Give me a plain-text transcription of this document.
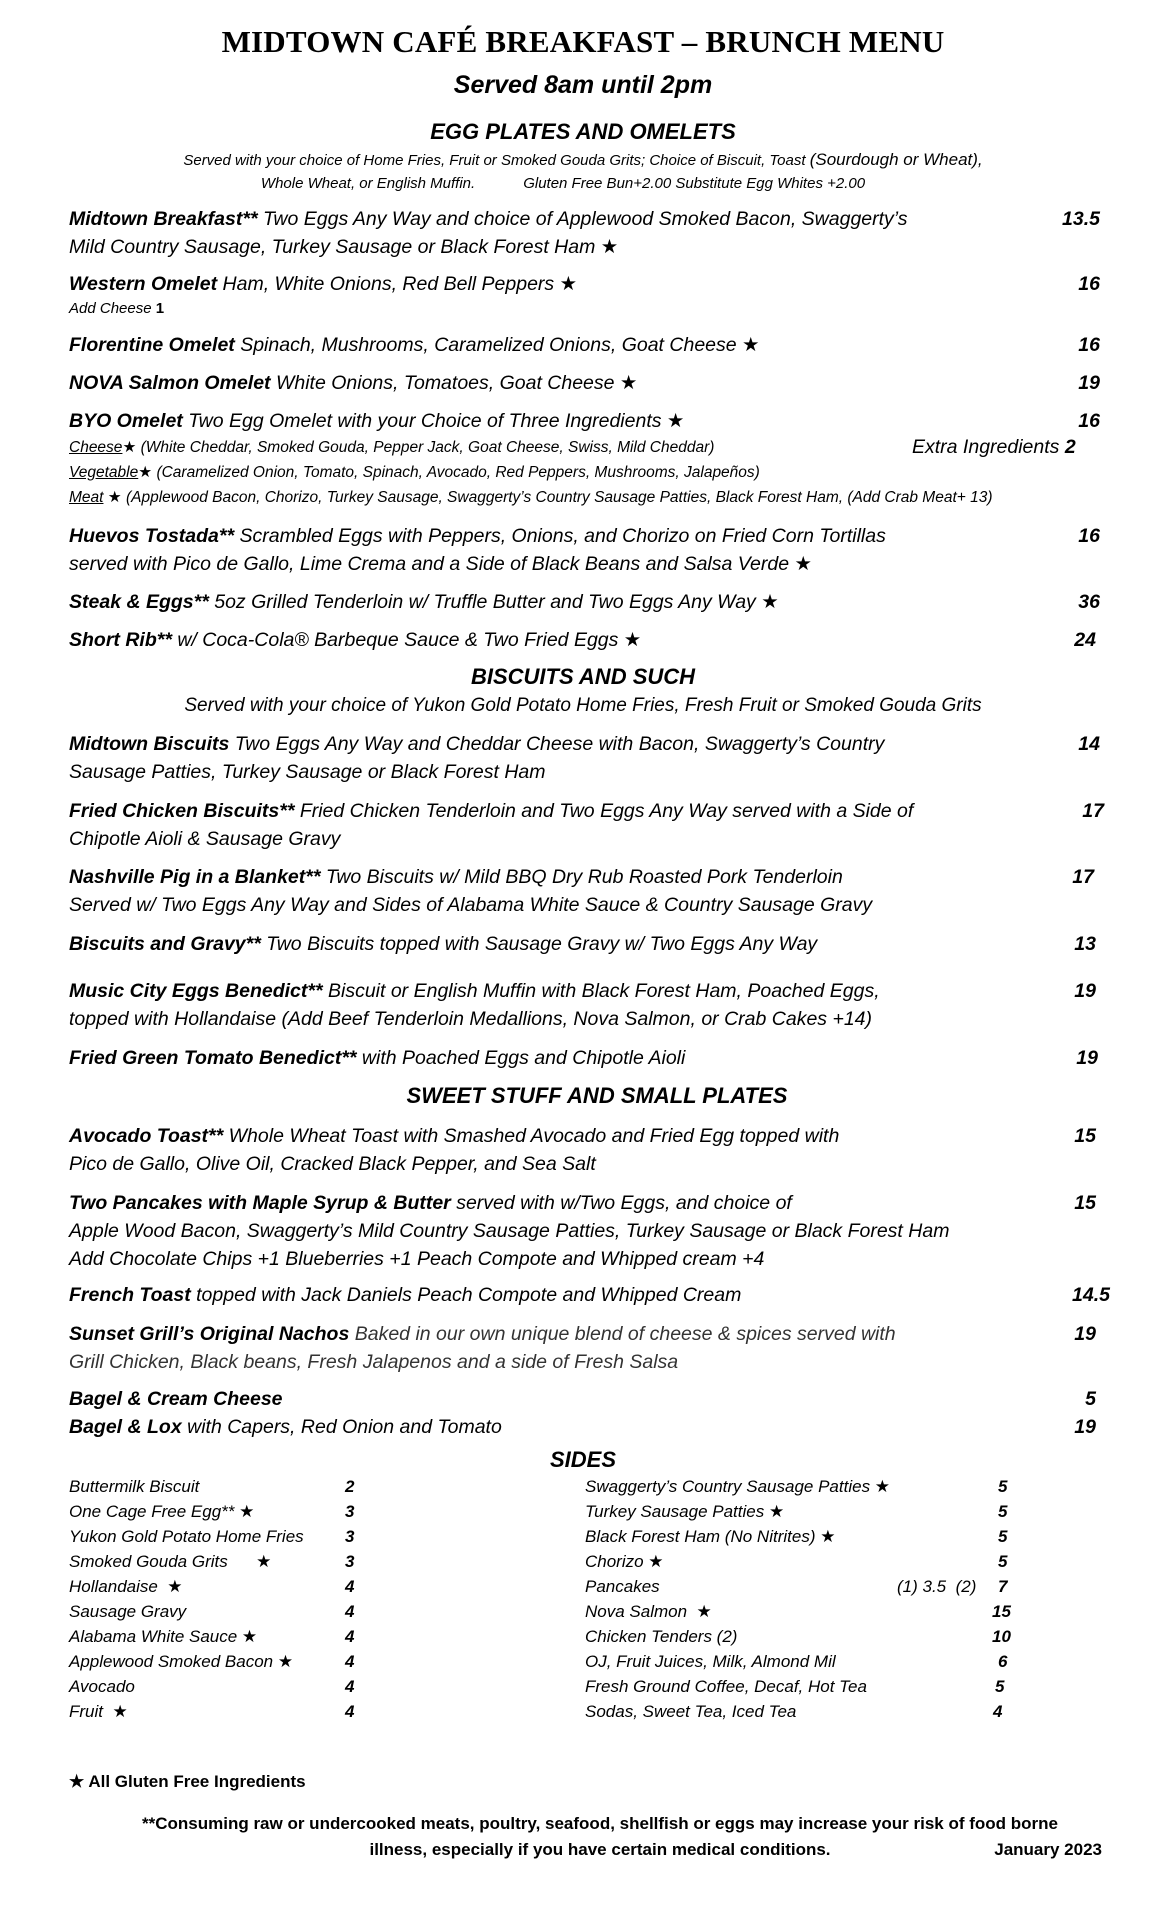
MIDTOWN CAFÉ BREAKFAST – BRUNCH MENU
Served 8am until 2pm
EGG PLATES AND OMELETS
Served with your choice of Home Fries, Fruit or Smoked Gouda Grits; Choice of Biscuit, Toast (Sourdough or Wheat),
Whole Wheat, or English Muffin.	Gluten Free Bun+2.00 Substitute Egg Whites +2.00
Midtown Breakfast** Two Eggs Any Way and choice of Applewood Smoked Bacon, Swaggerty’s
Mild Country Sausage, Turkey Sausage or Black Forest Ham ★
13.5
Western Omelet Ham, White Onions, Red Bell Peppers ★
Add Cheese 1
16
Florentine Omelet Spinach, Mushrooms, Caramelized Onions, Goat Cheese ★	16
NOVA Salmon Omelet White Onions, Tomatoes, Goat Cheese ★	19
BYO Omelet Two Egg Omelet with your Choice of Three Ingredients ★	16
Cheese★ (White Cheddar, Smoked Gouda, Pepper Jack, Goat Cheese, Swiss, Mild Cheddar)	Extra Ingredients 2
Vegetable★ (Caramelized Onion, Tomato, Spinach, Avocado, Red Peppers, Mushrooms, Jalapeños)
Meat ★ (Applewood Bacon, Chorizo, Turkey Sausage, Swaggerty’s Country Sausage Patties, Black Forest Ham, (Add Crab Meat+ 13)
Huevos Tostada** Scrambled Eggs with Peppers, Onions, and Chorizo on Fried Corn Tortillas
served with Pico de Gallo, Lime Crema and a Side of Black Beans and Salsa Verde ★
16
Steak & Eggs** 5oz Grilled Tenderloin w/ Truffle Butter and Two Eggs Any Way ★	36
Short Rib** w/ Coca-Cola® Barbeque Sauce & Two Fried Eggs ★	24
BISCUITS AND SUCH
Served with your choice of Yukon Gold Potato Home Fries, Fresh Fruit or Smoked Gouda Grits
Midtown Biscuits Two Eggs Any Way and Cheddar Cheese with Bacon, Swaggerty’s Country
Sausage Patties, Turkey Sausage or Black Forest Ham
14
Fried Chicken Biscuits** Fried Chicken Tenderloin and Two Eggs Any Way served with a Side of
Chipotle Aioli & Sausage Gravy
17
Nashville Pig in a Blanket** Two Biscuits w/ Mild BBQ Dry Rub Roasted Pork Tenderloin
Served w/ Two Eggs Any Way and Sides of Alabama White Sauce & Country Sausage Gravy
17
Biscuits and Gravy** Two Biscuits topped with Sausage Gravy w/ Two Eggs Any Way	13
Music City Eggs Benedict** Biscuit or English Muffin with Black Forest Ham, Poached Eggs,
topped with Hollandaise (Add Beef Tenderloin Medallions, Nova Salmon, or Crab Cakes +14)
19
Fried Green Tomato Benedict** with Poached Eggs and Chipotle Aioli	19
SWEET STUFF AND SMALL PLATES
Avocado Toast** Whole Wheat Toast with Smashed Avocado and Fried Egg topped with
Pico de Gallo, Olive Oil, Cracked Black Pepper, and Sea Salt
15
Two Pancakes with Maple Syrup & Butter served with w/Two Eggs, and choice of
Apple Wood Bacon, Swaggerty’s Mild Country Sausage Patties, Turkey Sausage or Black Forest Ham
Add Chocolate Chips +1 Blueberries +1 Peach Compote and Whipped cream +4
15
French Toast topped with Jack Daniels Peach Compote and Whipped Cream	14.5
Sunset Grill’s Original Nachos Baked in our own unique blend of cheese & spices served with
Grill Chicken, Black beans, Fresh Jalapenos and a side of Fresh Salsa
19
Bagel & Cream Cheese	5
Bagel & Lox with Capers, Red Onion and Tomato	19
SIDES
Buttermilk Biscuit	2
One Cage Free Egg** ★	3
Yukon Gold Potato Home Fries 3
Smoked Gouda Grits      ★	3
Hollandaise  ★	4
Sausage Gravy	4
Alabama White Sauce ★	4
Applewood Smoked Bacon ★	4
Avocado	4
Fruit  ★	4
Swaggerty’s Country Sausage Patties ★	5
Turkey Sausage Patties ★	5
Black Forest Ham (No Nitrites) ★	5
Chorizo ★	5
Pancakes	(1) 3.5  (2) 7
Nova Salmon  ★	15
Chicken Tenders (2)	10
OJ, Fruit Juices, Milk, Almond Mil	6
Fresh Ground Coffee, Decaf, Hot Tea	5
Sodas, Sweet Tea, Iced Tea	4
★ All Gluten Free Ingredients
**Consuming raw or undercooked meats, poultry, seafood, shellfish or eggs may increase your risk of food borne
illness, especially if you have certain medical conditions.	January 2023
